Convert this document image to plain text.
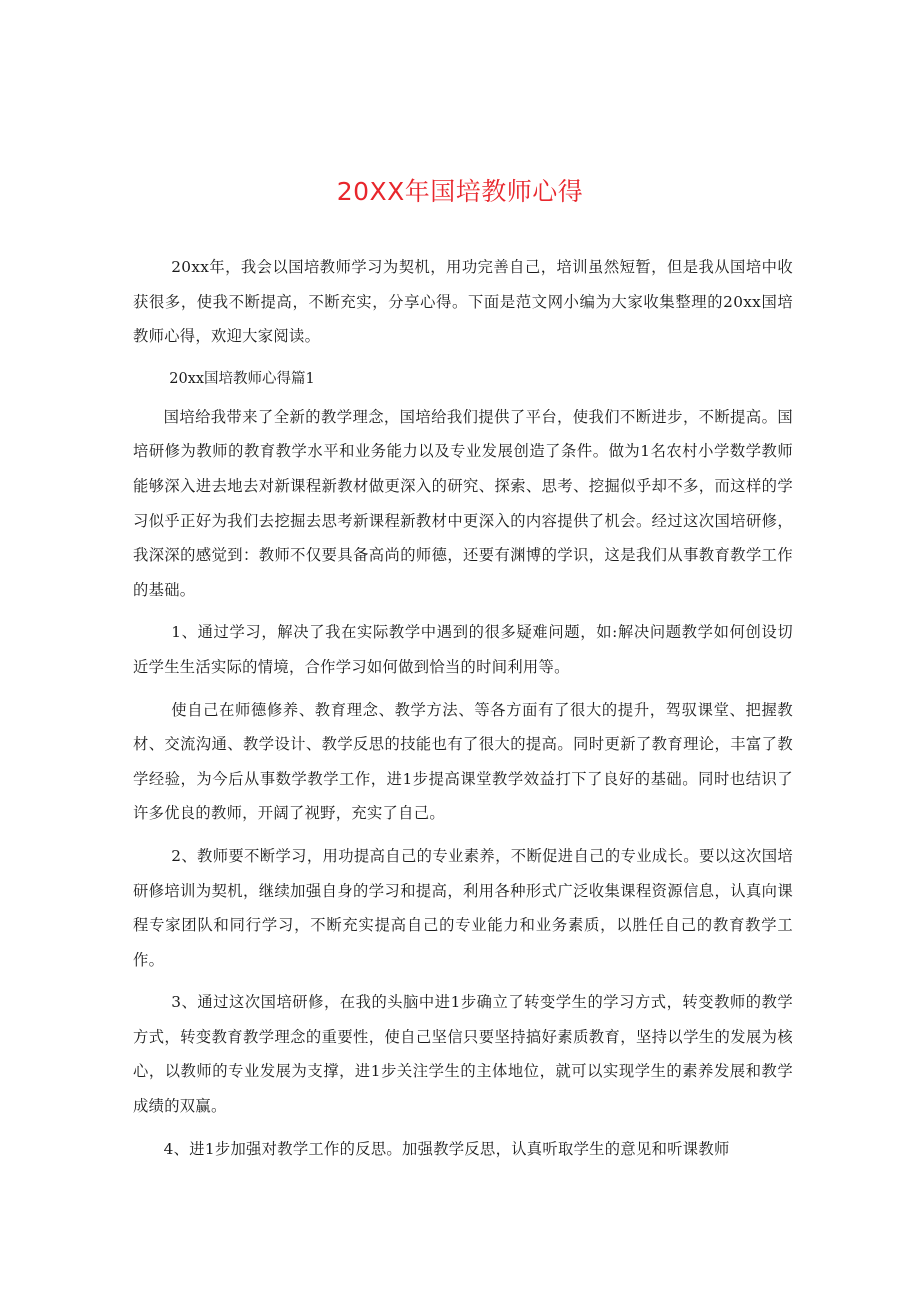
20XX年国培教师心得

20xx年，我会以国培教师学习为契机，用功完善自己，培训虽然短暂，但是我从国培中收获很多，使我不断提高，不断充实，分享心得。下面是范文网小编为大家收集整理的20xx国培教师心得，欢迎大家阅读。

20xx国培教师心得篇1

国培给我带来了全新的教学理念，国培给我们提供了平台，使我们不断进步，不断提高。国培研修为教师的教育教学水平和业务能力以及专业发展创造了条件。做为1名农村小学数学教师能够深入进去地去对新课程新教材做更深入的研究、探索、思考、挖掘似乎却不多，而这样的学习似乎正好为我们去挖掘去思考新课程新教材中更深入的内容提供了机会。经过这次国培研修，我深深的感觉到：教师不仅要具备高尚的师德，还要有渊博的学识，这是我们从事教育教学工作的基础。

1、通过学习，解决了我在实际教学中遇到的很多疑难问题，如:解决问题教学如何创设切近学生生活实际的情境，合作学习如何做到恰当的时间利用等。

使自己在师德修养、教育理念、教学方法、等各方面有了很大的提升，驾驭课堂、把握教材、交流沟通、教学设计、教学反思的技能也有了很大的提高。同时更新了教育理论，丰富了教学经验，为今后从事数学教学工作，进1步提高课堂教学效益打下了良好的基础。同时也结识了许多优良的教师，开阔了视野，充实了自己。

2、教师要不断学习，用功提高自己的专业素养，不断促进自己的专业成长。要以这次国培研修培训为契机，继续加强自身的学习和提高，利用各种形式广泛收集课程资源信息，认真向课程专家团队和同行学习，不断充实提高自己的专业能力和业务素质，以胜任自己的教育教学工作。

3、通过这次国培研修，在我的头脑中进1步确立了转变学生的学习方式，转变教师的教学方式，转变教育教学理念的重要性，使自己坚信只要坚持搞好素质教育，坚持以学生的发展为核心，以教师的专业发展为支撑，进1步关注学生的主体地位，就可以实现学生的素养发展和教学成绩的双赢。

4、进1步加强对教学工作的反思。加强教学反思，认真听取学生的意见和听课教师
